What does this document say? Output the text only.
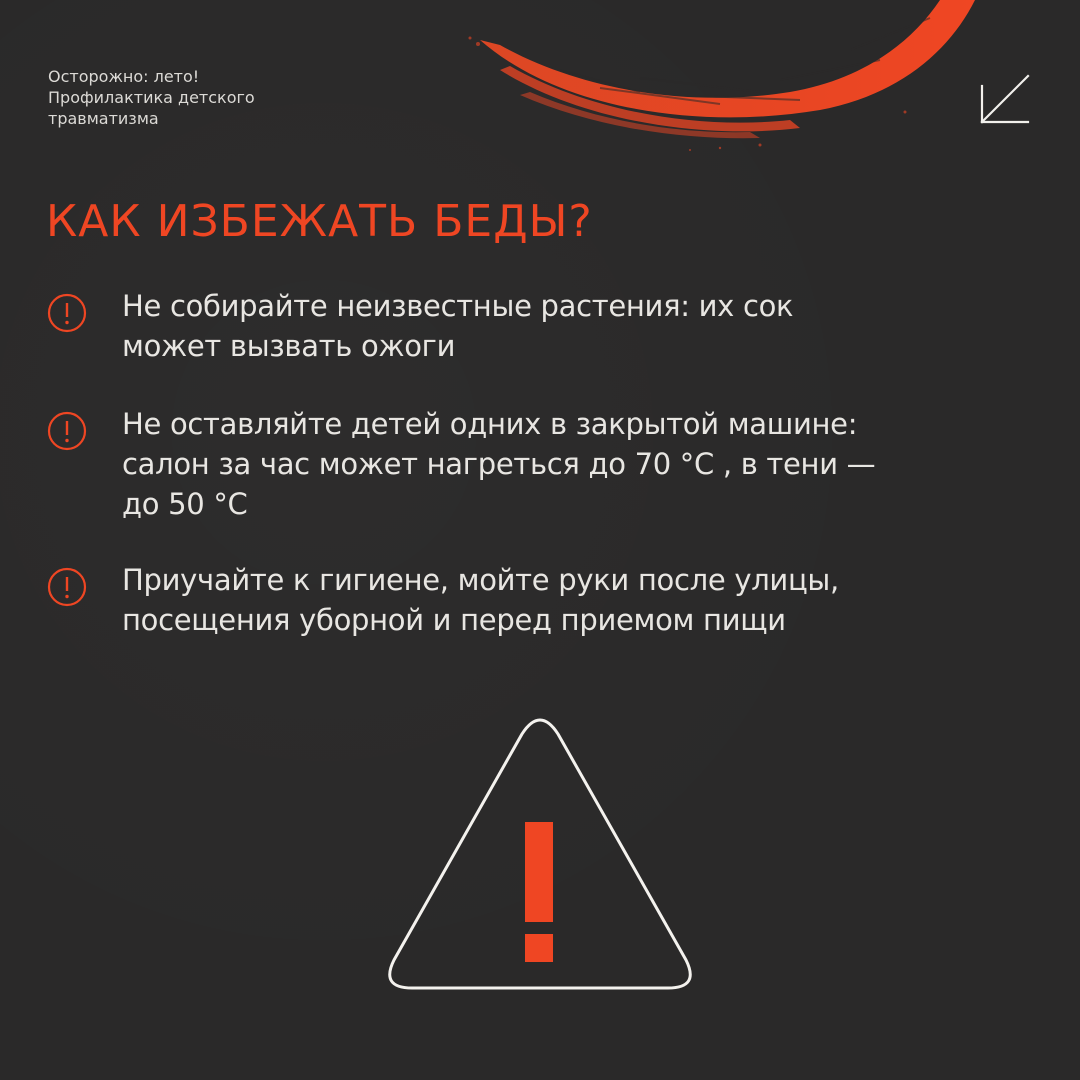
Осторожно: лето!
Профилактика детского
травматизма
КАК ИЗБЕЖАТЬ БЕДЫ?
Не собирайте неизвестные растения: их сок
может вызвать ожоги
Не оставляйте детей одних в закрытой машине:
салон за час может нагреться до 70 °C , в тени —
до 50 °C
Приучайте к гигиене, мойте руки после улицы,
посещения уборной и перед приемом пищи
